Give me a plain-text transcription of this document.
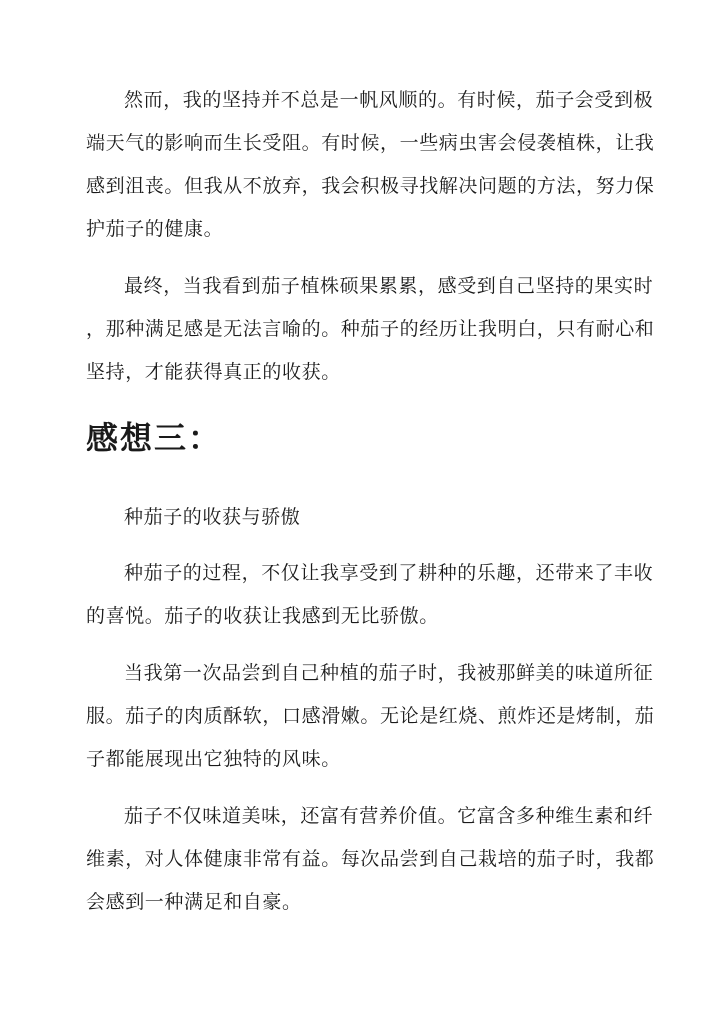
然而，我的坚持并不总是一帆风顺的。有时候，茄子会受到极
端天气的影响而生长受阻。有时候，一些病虫害会侵袭植株，让我
感到沮丧。但我从不放弃，我会积极寻找解决问题的方法，努力保
护茄子的健康。
最终，当我看到茄子植株硕果累累，感受到自己坚持的果实时
，那种满足感是无法言喻的。种茄子的经历让我明白，只有耐心和
坚持，才能获得真正的收获。
感想三：
种茄子的收获与骄傲
种茄子的过程，不仅让我享受到了耕种的乐趣，还带来了丰收
的喜悦。茄子的收获让我感到无比骄傲。
当我第一次品尝到自己种植的茄子时，我被那鲜美的味道所征
服。茄子的肉质酥软，口感滑嫩。无论是红烧、煎炸还是烤制，茄
子都能展现出它独特的风味。
茄子不仅味道美味，还富有营养价值。它富含多种维生素和纤
维素，对人体健康非常有益。每次品尝到自己栽培的茄子时，我都
会感到一种满足和自豪。
